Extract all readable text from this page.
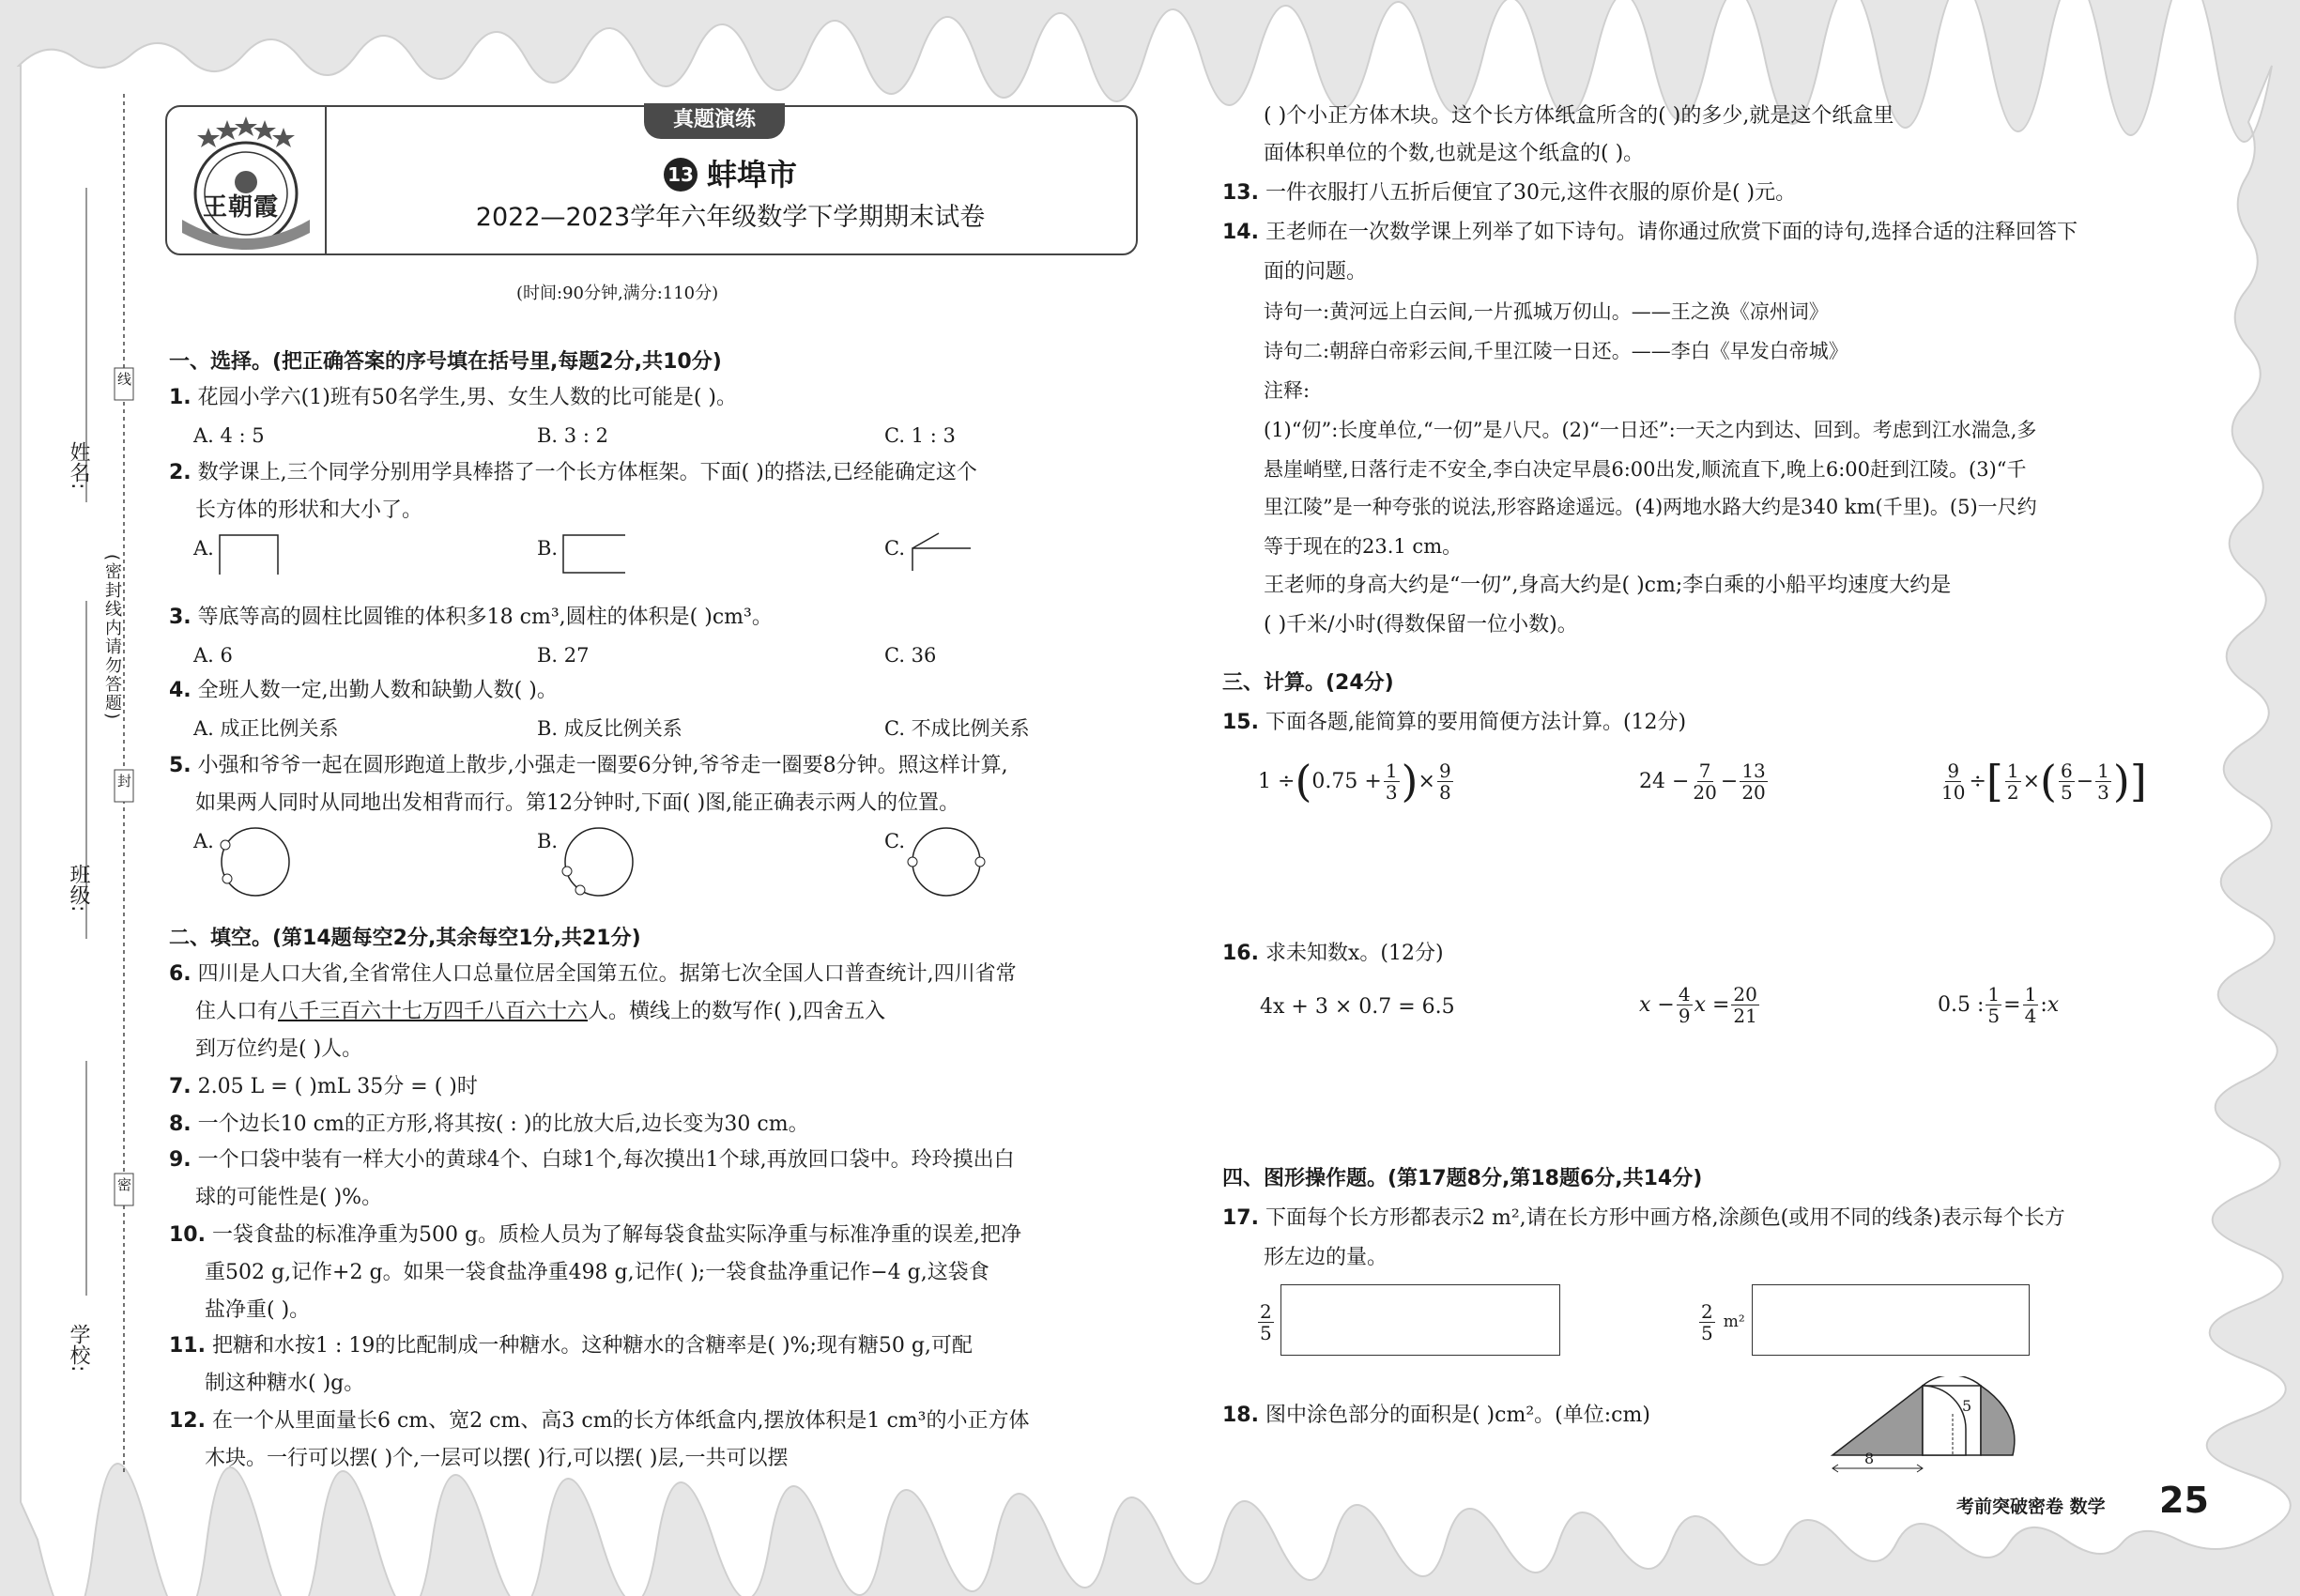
姓名:
班级:
学校:
线
封
密
(密封线内请勿答题)
王朝霞
真题演练
13 蚌埠市
2022—2023学年六年级数学下学期期末试卷
(时间:90分钟,满分:110分)
一、选择。(把正确答案的序号填在括号里,每题2分,共10分)
1. 花园小学六(1)班有50名学生,男、女生人数的比可能是( )。
A. 4 : 5	B. 3 : 2	C. 1 : 3
2. 数学课上,三个同学分别用学具棒搭了一个长方体框架。下面( )的搭法,已经能确定这个
长方体的形状和大小了。
A.	B.	C.
3. 等底等高的圆柱比圆锥的体积多18 cm³,圆柱的体积是( )cm³。
A. 6	B. 27	C. 36
4. 全班人数一定,出勤人数和缺勤人数( )。
A. 成正比例关系	B. 成反比例关系	C. 不成比例关系
5. 小强和爷爷一起在圆形跑道上散步,小强走一圈要6分钟,爷爷走一圈要8分钟。照这样计算,
如果两人同时从同地出发相背而行。第12分钟时,下面( )图,能正确表示两人的位置。
A.	B.	C.
二、填空。(第14题每空2分,其余每空1分,共21分)
6. 四川是人口大省,全省常住人口总量位居全国第五位。据第七次全国人口普查统计,四川省常
住人口有八千三百六十七万四千八百六十六人。横线上的数写作( ),四舍五入
到万位约是( )人。
7. 2.05 L = ( )mL 35分 = ( )时
8. 一个边长10 cm的正方形,将其按( : )的比放大后,边长变为30 cm。
9. 一个口袋中装有一样大小的黄球4个、白球1个,每次摸出1个球,再放回口袋中。玲玲摸出白
球的可能性是( )%。
10. 一袋食盐的标准净重为500 g。质检人员为了解每袋食盐实际净重与标准净重的误差,把净
重502 g,记作+2 g。如果一袋食盐净重498 g,记作( );一袋食盐净重记作−4 g,这袋食
盐净重( )。
11. 把糖和水按1 : 19的比配制成一种糖水。这种糖水的含糖率是( )%;现有糖50 g,可配
制这种糖水( )g。
12. 在一个从里面量长6 cm、宽2 cm、高3 cm的长方体纸盒内,摆放体积是1 cm³的小正方体
木块。一行可以摆( )个,一层可以摆( )行,可以摆( )层,一共可以摆
( )个小正方体木块。这个长方体纸盒所含的( )的多少,就是这个纸盒里
面体积单位的个数,也就是这个纸盒的( )。
13. 一件衣服打八五折后便宜了30元,这件衣服的原价是( )元。
14. 王老师在一次数学课上列举了如下诗句。请你通过欣赏下面的诗句,选择合适的注释回答下
面的问题。
诗句一:黄河远上白云间,一片孤城万仞山。——王之涣《凉州词》
诗句二:朝辞白帝彩云间,千里江陵一日还。——李白《早发白帝城》
注释:
(1)“仞”:长度单位,“一仞”是八尺。(2)“一日还”:一天之内到达、回到。考虑到江水湍急,多
悬崖峭壁,日落行走不安全,李白决定早晨6:00出发,顺流直下,晚上6:00赶到江陵。(3)“千
里江陵”是一种夸张的说法,形容路途遥远。(4)两地水路大约是340 km(千里)。(5)一尺约
等于现在的23.1 cm。
王老师的身高大约是“一仞”,身高大约是( )cm;李白乘的小船平均速度大约是
( )千米/小时(得数保留一位小数)。
三、计算。(24分)
15. 下面各题,能简算的要用简便方法计算。(12分)
1 ÷ ( $0.75 + \frac{1}{3}$ ) × $\frac{9}{8}$	$24 - \frac{7}{20} - \frac{13}{20}$	$\frac{9}{10}$ ÷ [ $\frac{1}{2}$ × ( $\frac{6}{5} - \frac{1}{3}$ ) ]
16. 求未知数x。(12分)
4x + 3 × 0.7 = 6.5	$x - \frac{4}{9}$ $x = \frac{20}{21}$	0.5 : $\frac{1}{5} = \frac{1}{4}$ : x
四、图形操作题。(第17题8分,第18题6分,共14分)
17. 下面每个长方形都表示2 m²,请在长方形中画方格,涂颜色(或用不同的线条)表示每个长方
形左边的量。
$\frac{2}{5}$	$\frac{2}{5}$
m²
18. 图中涂色部分的面积是( )cm²。(单位:cm)	5
8
考前突破密卷 数学 25
